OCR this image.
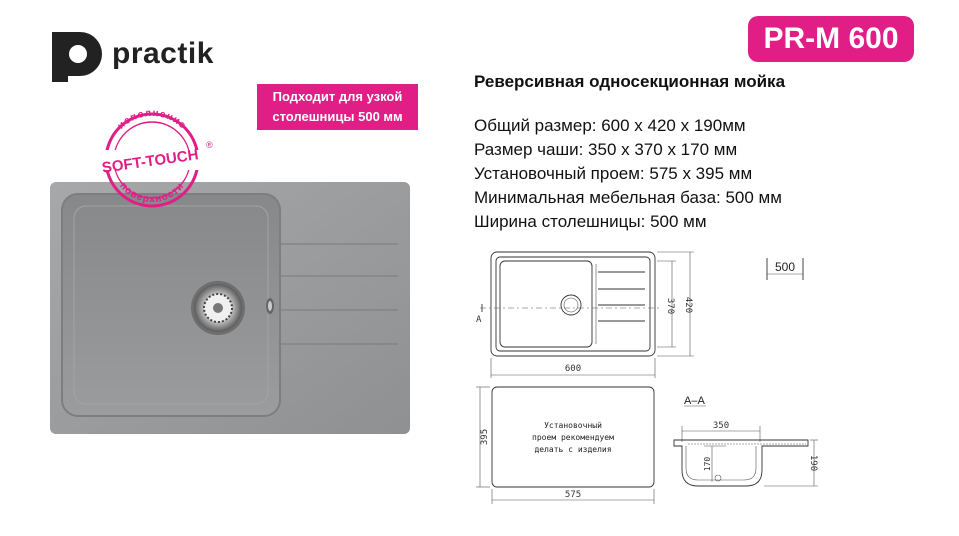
practik	PR-M 600
Подходит для узкой
столешницы 500 мм
Реверсивная односекционная мойка
Общий размер: 600 х 420 х 190мм
Размер чаши: 350 х 370 х 170 мм
Установочный проем: 575 х 395 мм
Минимальная мебельная база: 500 мм
Ширина столешницы: 500 мм
исполнение
поверхности
SOFT-TOUCH
®
A
600
370 420
500
Установочный
проем рекомендуем
делать с изделия
575
395
A–A
350
170	190
